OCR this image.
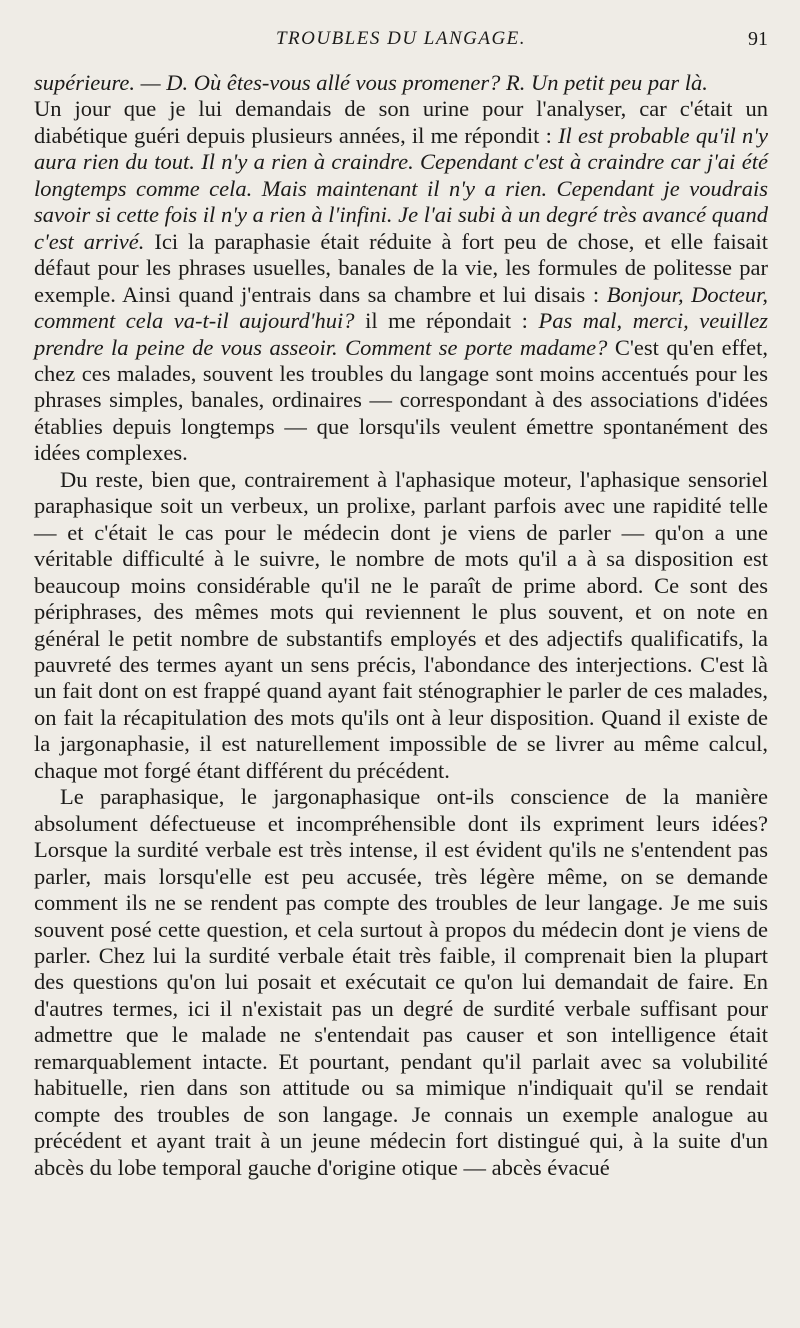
TROUBLES DU LANGAGE.	91

supérieure. — D. Où êtes-vous allé vous promener? R. Un petit peu par là.

Un jour que je lui demandais de son urine pour l'analyser, car c'était un diabétique guéri depuis plusieurs années, il me répondit : Il est probable qu'il n'y aura rien du tout. Il n'y a rien à craindre. Cependant c'est à craindre car j'ai été longtemps comme cela. Mais maintenant il n'y a rien. Cependant je voudrais savoir si cette fois il n'y a rien à l'infini. Je l'ai subi à un degré très avancé quand c'est arrivé. Ici la paraphasie était réduite à fort peu de chose, et elle faisait défaut pour les phrases usuelles, banales de la vie, les formules de politesse par exemple. Ainsi quand j'entrais dans sa chambre et lui disais : Bonjour, Docteur, comment cela va-t-il aujourd'hui? il me répondait : Pas mal, merci, veuillez prendre la peine de vous asseoir. Comment se porte madame? C'est qu'en effet, chez ces malades, souvent les troubles du langage sont moins accentués pour les phrases simples, banales, ordinaires — correspondant à des associations d'idées établies depuis longtemps — que lorsqu'ils veulent émettre spontanément des idées complexes.

Du reste, bien que, contrairement à l'aphasique moteur, l'aphasique sensoriel paraphasique soit un verbeux, un prolixe, parlant parfois avec une rapidité telle — et c'était le cas pour le médecin dont je viens de parler — qu'on a une véritable difficulté à le suivre, le nombre de mots qu'il a à sa disposition est beaucoup moins considérable qu'il ne le paraît de prime abord. Ce sont des périphrases, des mêmes mots qui reviennent le plus souvent, et on note en général le petit nombre de substantifs employés et des adjectifs qualificatifs, la pauvreté des termes ayant un sens précis, l'abondance des interjections. C'est là un fait dont on est frappé quand ayant fait sténographier le parler de ces malades, on fait la récapitulation des mots qu'ils ont à leur disposition. Quand il existe de la jargonaphasie, il est naturellement impossible de se livrer au même calcul, chaque mot forgé étant différent du précédent.

Le paraphasique, le jargonaphasique ont-ils conscience de la manière absolument défectueuse et incompréhensible dont ils expriment leurs idées? Lorsque la surdité verbale est très intense, il est évident qu'ils ne s'entendent pas parler, mais lorsqu'elle est peu accusée, très légère même, on se demande comment ils ne se rendent pas compte des troubles de leur langage. Je me suis souvent posé cette question, et cela surtout à propos du médecin dont je viens de parler. Chez lui la surdité verbale était très faible, il comprenait bien la plupart des questions qu'on lui posait et exécutait ce qu'on lui demandait de faire. En d'autres termes, ici il n'existait pas un degré de surdité verbale suffisant pour admettre que le malade ne s'entendait pas causer et son intelligence était remarquablement intacte. Et pourtant, pendant qu'il parlait avec sa volubilité habituelle, rien dans son attitude ou sa mimique n'indiquait qu'il se rendait compte des troubles de son langage. Je connais un exemple analogue au précédent et ayant trait à un jeune médecin fort distingué qui, à la suite d'un abcès du lobe temporal gauche d'origine otique — abcès évacué
